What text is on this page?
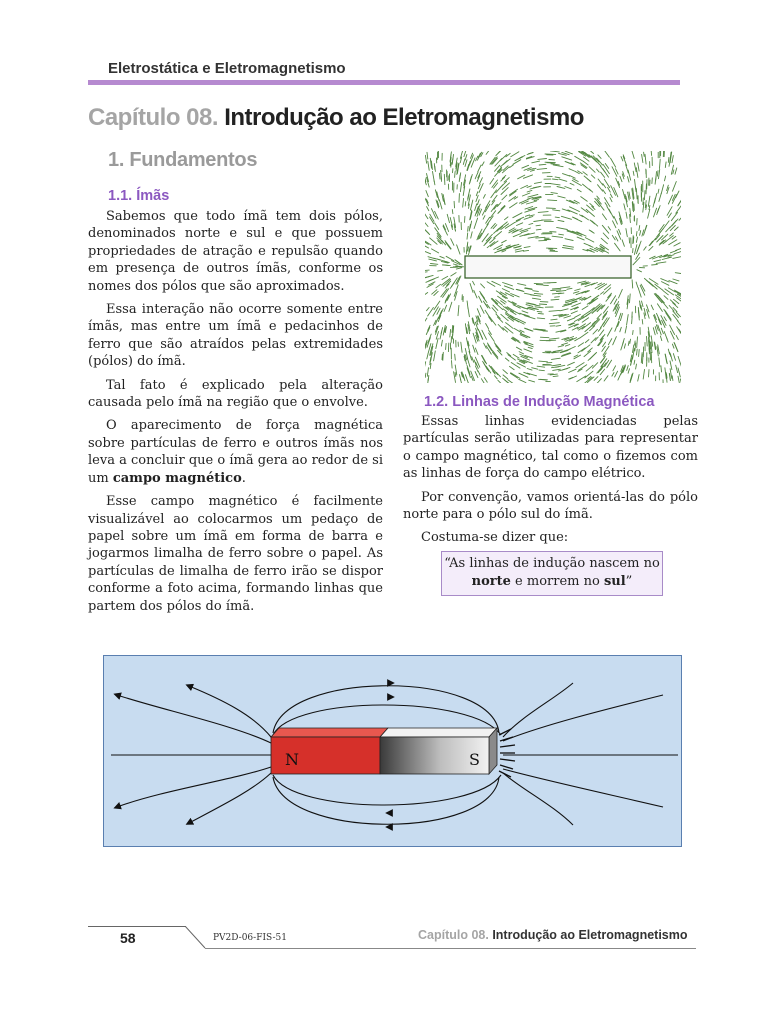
Eletrostática e Eletromagnetismo
Capítulo 08. Introdução ao Eletromagnetismo
1. Fundamentos
1.1. Ímãs

Sabemos que todo ímã tem dois pólos, denominados norte e sul e que possuem propriedades de atração e repulsão quando em presença de outros ímãs, conforme os nomes dos pólos que são aproximados.

Essa interação não ocorre somente entre ímãs, mas entre um ímã e pedacinhos de ferro que são atraídos pelas extremidades (pólos) do ímã.

Tal fato é explicado pela alteração causada pelo ímã na região que o envolve.

O aparecimento de força magnética sobre partículas de ferro e outros ímãs nos leva a concluir que o ímã gera ao redor de si um campo magnético.

Esse campo magnético é facilmente visualizável ao colocarmos um pedaço de papel sobre um ímã em forma de barra e jogarmos limalha de ferro sobre o papel. As partículas de limalha de ferro irão se dispor conforme a foto acima, formando linhas que partem dos pólos do ímã.

1.2. Linhas de Indução Magnética

Essas linhas evidenciadas pelas partículas serão utilizadas para representar o campo magnético, tal como o fizemos com as linhas de força do campo elétrico.

Por convenção, vamos orientá-las do pólo norte para o pólo sul do ímã.

Costuma-se dizer que:

“As linhas de indução nascem no norte e morrem no sul”
N	S
58	PV2D-06-FIS-51	Capítulo 08. Introdução ao Eletromagnetismo
